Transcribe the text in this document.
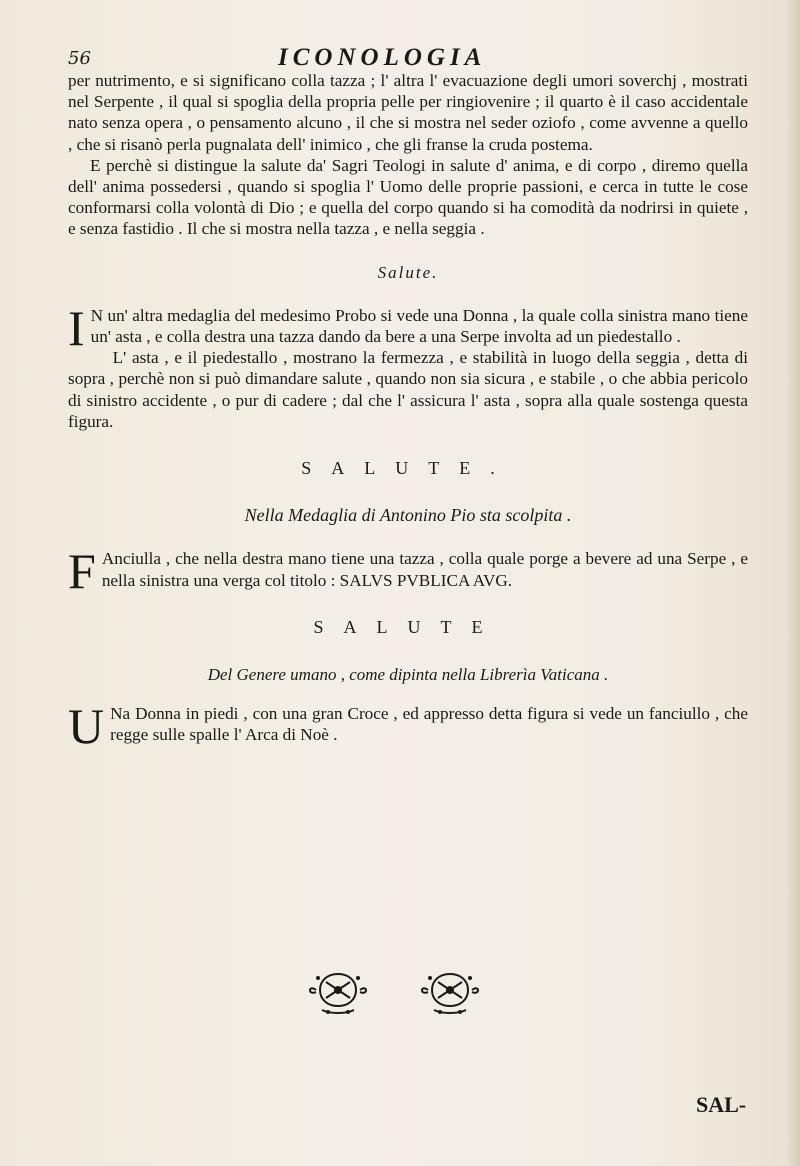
56	ICONOLOGIA

per nutrimento, e si significano colla tazza ; l' altra l' evacuazione degli umori soverchj , mostrati nel Serpente , il qual si spoglia della propria pelle per ringiovenire ; il quarto è il caso accidentale nato senza opera , o pensamento alcuno , il che si mostra nel seder oziofo , come avvenne a quello , che si risanò perla pugnalata dell' inimico , che gli franse la cruda postema.

E perchè si distingue la salute da' Sagri Teologi in salute d' anima, e di corpo , diremo quella dell' anima possedersi , quando si spoglia l' Uomo delle proprie passioni, e cerca in tutte le cose conformarsi colla volontà di Dio ; e quella del corpo quando si ha comodità da nodrirsi in quiete , e senza fastidio . Il che si mostra nella tazza , e nella seggia .

Salute.

I N un' altra medaglia del medesimo Probo si vede una Donna , la quale colla sinistra mano tiene un' asta , e colla destra una tazza dando da bere a una Serpe involta ad un piedestallo .

L' asta , e il piedestallo , mostrano la fermezza , e stabilità in luogo della seggia , detta di sopra , perchè non si può dimandare salute , quando non sia sicura , e stabile , o che abbia pericolo di sinistro accidente , o pur di cadere ; dal che l' assicura l' asta , sopra alla quale sostenga questa figura.

SALUTE.

Nella Medaglia di Antonino Pio sta scolpita .

F Anciulla , che nella destra mano tiene una tazza , colla quale porge a bevere ad una Serpe , e nella sinistra una verga col titolo : SALVS PVBLICA AVG.

SALUTE

Del Genere umano , come dipinta nella Librerìa Vaticana .

U Na Donna in piedi , con una gran Croce , ed appresso detta figura si vede un fanciullo , che regge sulle spalle l' Arca di Noè .

SAL-
